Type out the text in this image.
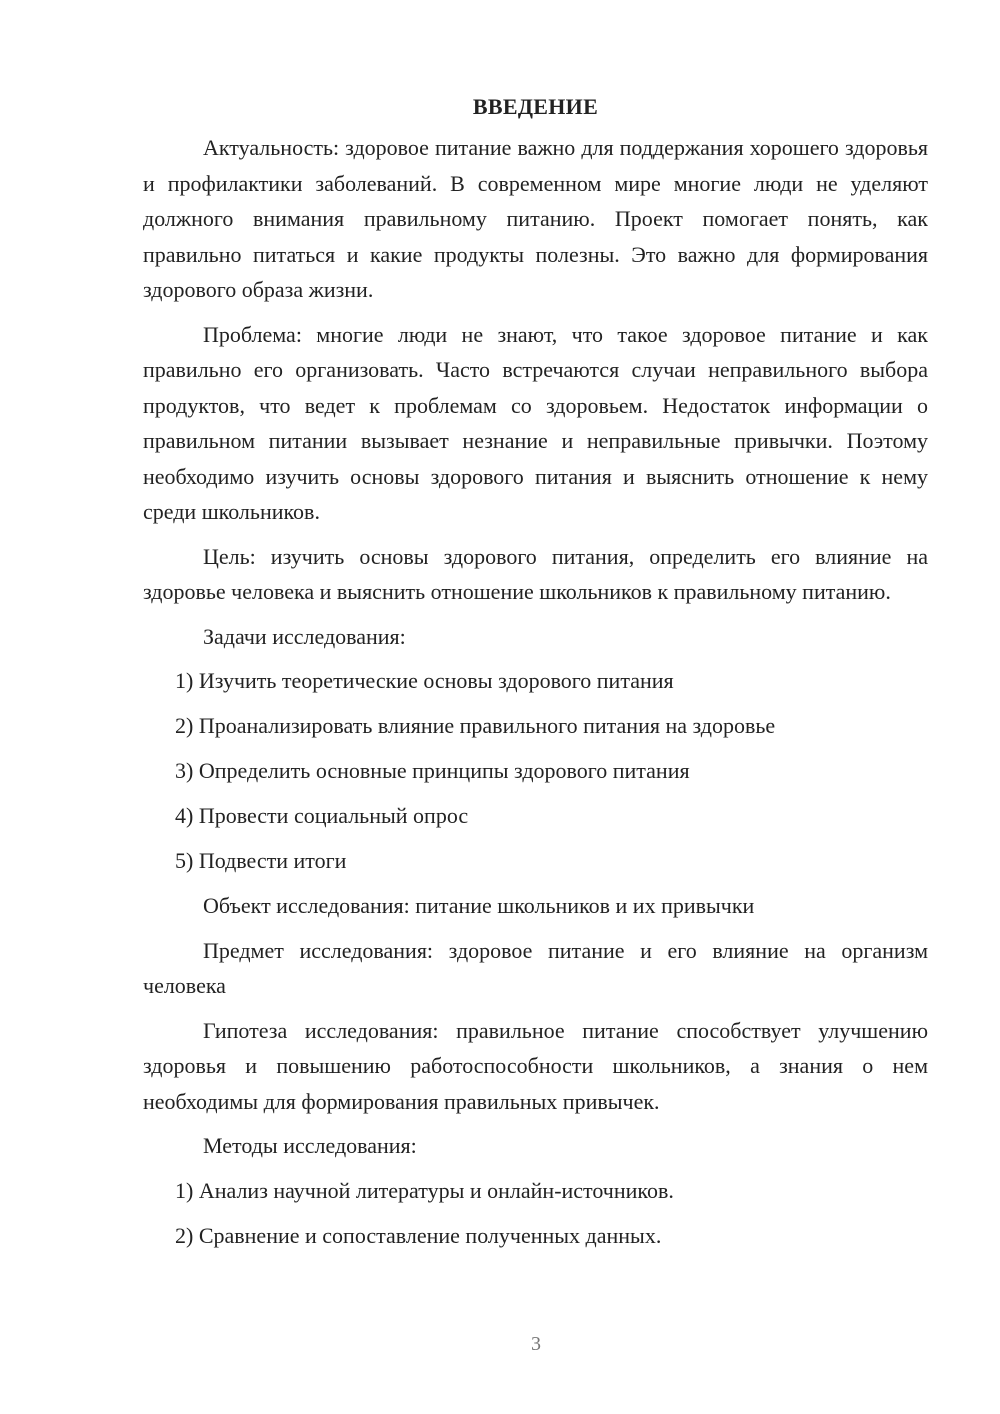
ВВЕДЕНИЕ

Актуальность: здоровое питание важно для поддержания хорошего здоровья и профилактики заболеваний. В современном мире многие люди не уделяют должного внимания правильному питанию. Проект помогает понять, как правильно питаться и какие продукты полезны. Это важно для формирования здорового образа жизни.

Проблема: многие люди не знают, что такое здоровое питание и как правильно его организовать. Часто встречаются случаи неправильного выбора продуктов, что ведет к проблемам со здоровьем. Недостаток информации о правильном питании вызывает незнание и неправильные привычки. Поэтому необходимо изучить основы здорового питания и выяснить отношение к нему среди школьников.

Цель: изучить основы здорового питания, определить его влияние на здоровье человека и выяснить отношение школьников к правильному питанию.

Задачи исследования:

1) Изучить теоретические основы здорового питания
2) Проанализировать влияние правильного питания на здоровье
3) Определить основные принципы здорового питания
4) Провести социальный опрос
5) Подвести итоги

Объект исследования: питание школьников и их привычки

Предмет исследования: здоровое питание и его влияние на организм человека

Гипотеза исследования: правильное питание способствует улучшению здоровья и повышению работоспособности школьников, а знания о нем необходимы для формирования правильных привычек.

Методы исследования:

1) Анализ научной литературы и онлайн-источников.
2) Сравнение и сопоставление полученных данных.
3
